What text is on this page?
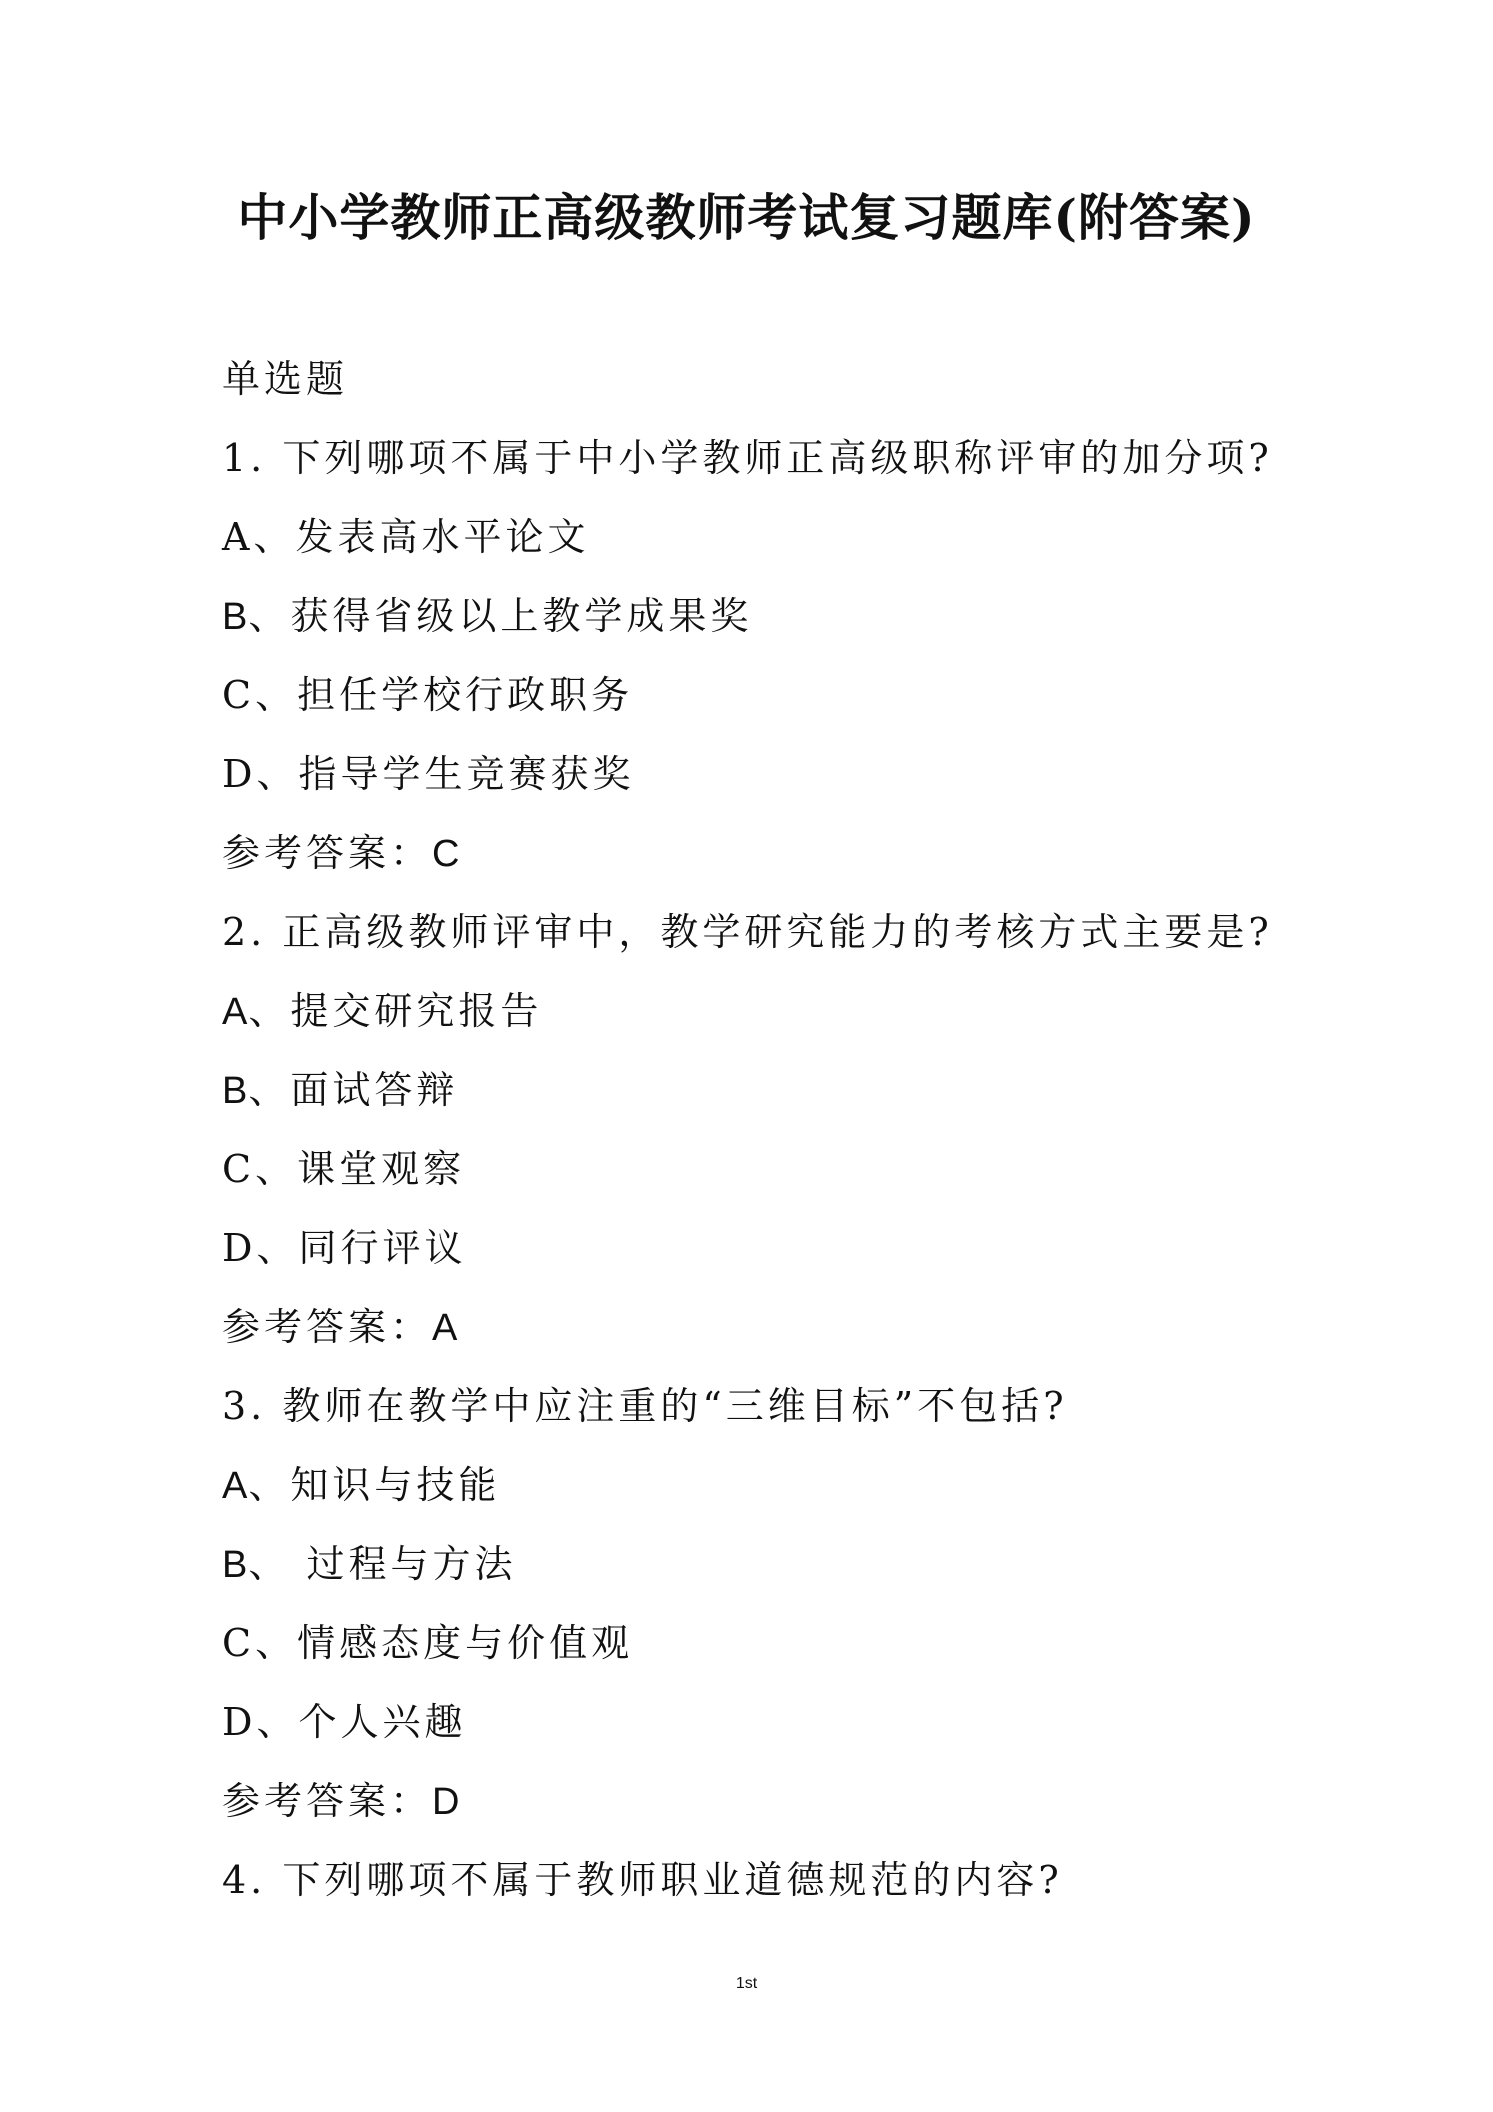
中小学教师正高级教师考试复习题库(附答案)
单选题
1. 下列哪项不属于中小学教师正高级职称评审的加分项?
A、发表高水平论文
B、获得省级以上教学成果奖
C、担任学校行政职务
D、指导学生竞赛获奖
参考答案：C
2. 正高级教师评审中，教学研究能力的考核方式主要是?
A、提交研究报告
B、面试答辩
C、课堂观察
D、同行评议
参考答案：A
3. 教师在教学中应注重的“三维目标”不包括?
A、知识与技能
B、 过程与方法
C、情感态度与价值观
D、个人兴趣
参考答案：D
4. 下列哪项不属于教师职业道德规范的内容?
1st
